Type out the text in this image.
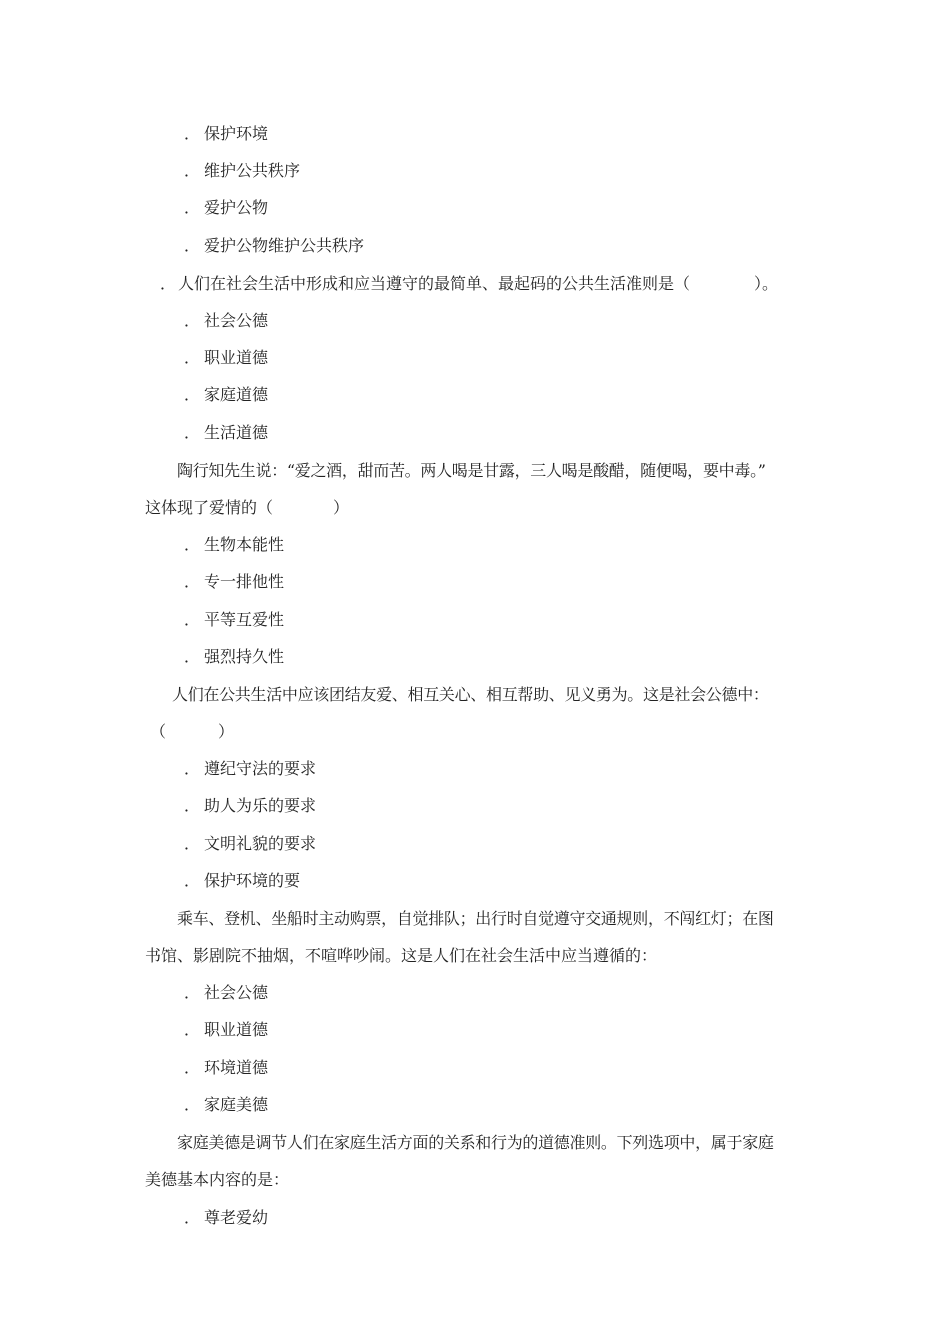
． 保护环境
． 维护公共秩序
． 爱护公物
． 爱护公物维护公共秩序
． 人们在社会生活中形成和应当遵守的最简单、最起码的公共生活准则是（	）。
． 社会公德
． 职业道德
． 家庭道德
． 生活道德
陶行知先生说：“爱之酒，甜而苦。两人喝是甘露，三人喝是酸醋，随便喝，要中毒。”
这体现了爱情的（	）
． 生物本能性
． 专一排他性
． 平等互爱性
． 强烈持久性
人们在公共生活中应该团结友爱、相互关心、相互帮助、见义勇为。这是社会公德中：
（	）
． 遵纪守法的要求
． 助人为乐的要求
． 文明礼貌的要求
． 保护环境的要
乘车、登机、坐船时主动购票，自觉排队；出行时自觉遵守交通规则，不闯红灯；在图
书馆、影剧院不抽烟，不喧哗吵闹。这是人们在社会生活中应当遵循的：
． 社会公德
． 职业道德
． 环境道德
． 家庭美德
家庭美德是调节人们在家庭生活方面的关系和行为的道德准则。下列选项中，属于家庭
美德基本内容的是：
． 尊老爱幼
